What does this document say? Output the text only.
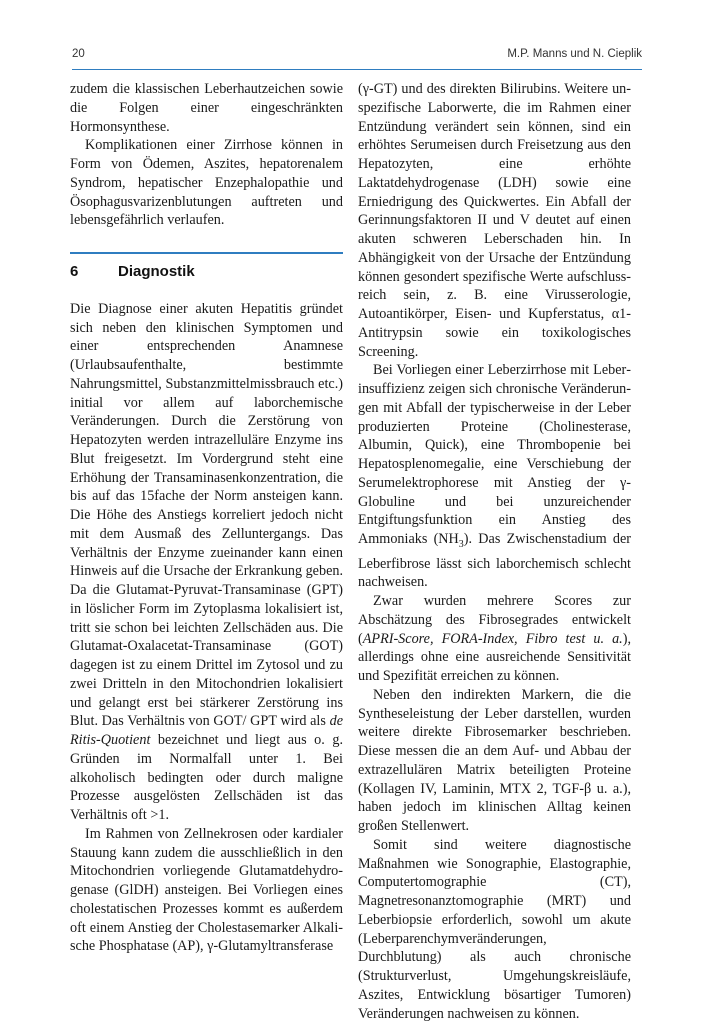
20	M.P. Manns und N. Cieplik

zudem die klassischen Leberhautzeichen sowie die Folgen einer eingeschränkten Hormonsynthese.

Komplikationen einer Zirrhose können in Form von Ödemen, Aszites, hepatorenalem Syndrom, hepatischer Enzephalopathie und Ösophagusvarizenblutungen auftreten und lebensgefährlich verlaufen.

6	Diagnostik

Die Diagnose einer akuten Hepatitis gründet sich neben den klinischen Symptomen und einer entsprechenden Anamnese (Urlaubsaufenthalte, bestimmte Nahrungsmittel, Substanzmittelmissbrauch etc.) initial vor allem auf laborchemische Veränderungen. Durch die Zerstörung von Hepatozyten werden intrazelluläre Enzyme ins Blut freigesetzt. Im Vordergrund steht eine Erhöhung der Transaminasenkonzentration, die bis auf das 15fache der Norm ansteigen kann. Die Höhe des Anstiegs korreliert jedoch nicht mit dem Ausmaß des Zelluntergangs. Das Verhältnis der Enzyme zueinander kann einen Hinweis auf die Ursache der Erkrankung geben. Da die Glutamat-Pyruvat-Transaminase (GPT) in löslicher Form im Zytoplasma lokalisiert ist, tritt sie schon bei leichten Zellschäden aus. Die Glutamat-Oxalacetat-Transaminase (GOT) dagegen ist zu einem Drittel im Zytosol und zu zwei Dritteln in den Mitochondrien lokalisiert und gelangt erst bei stärkerer Zerstörung ins Blut. Das Verhältnis von GOT/ GPT wird als de Ritis-Quotient bezeichnet und liegt aus o. g. Gründen im Normalfall unter 1. Bei alkoholisch bedingten oder durch maligne Prozesse ausgelösten Zellschäden ist das Verhältnis oft >1.

Im Rahmen von Zellnekrosen oder kardialer Stauung kann zudem die ausschließlich in den Mitochondrien vorliegende Glutamatdehydrogenase (GlDH) ansteigen. Bei Vorliegen eines cholestatischen Prozesses kommt es außerdem oft einem Anstieg der Cholestasemarker Alkalische Phosphatase (AP), γ-Glutamyltransferase

(γ-GT) und des direkten Bilirubins. Weitere unspezifische Laborwerte, die im Rahmen einer Entzündung verändert sein können, sind ein erhöhtes Serumeisen durch Freisetzung aus den Hepatozyten, eine erhöhte Laktatdehydrogenase (LDH) sowie eine Erniedrigung des Quickwertes. Ein Abfall der Gerinnungsfaktoren II und V deutet auf einen akuten schweren Leberschaden hin. In Abhängigkeit von der Ursache der Entzündung können gesondert spezifische Werte aufschlussreich sein, z. B. eine Virusserologie, Autoantikörper, Eisen- und Kupferstatus, α1-Antitrypsin sowie ein toxikologisches Screening.

Bei Vorliegen einer Leberzirrhose mit Leberinsuffizienz zeigen sich chronische Veränderungen mit Abfall der typischerweise in der Leber produzierten Proteine (Cholinesterase, Albumin, Quick), eine Thrombopenie bei Hepatosplenomegalie, eine Verschiebung der Serumelektrophorese mit Anstieg der γ-Globuline und bei unzureichender Entgiftungsfunktion ein Anstieg des Ammoniaks $(NH_3)$. Das Zwischenstadium der Leberfibrose lässt sich laborchemisch schlecht nachweisen.

Zwar wurden mehrere Scores zur Abschätzung des Fibrosegrades entwickelt (APRI-Score, FORA-Index, Fibro test u. a.), allerdings ohne eine ausreichende Sensitivität und Spezifität erreichen zu können.

Neben den indirekten Markern, die die Syntheseleistung der Leber darstellen, wurden weitere direkte Fibrosemarker beschrieben. Diese messen die an dem Auf- und Abbau der extrazellulären Matrix beteiligten Proteine (Kollagen IV, Laminin, MTX 2, TGF-β u. a.), haben jedoch im klinischen Alltag keinen großen Stellenwert.

Somit sind weitere diagnostische Maßnahmen wie Sonographie, Elastographie, Computertomographie (CT), Magnetresonanztomographie (MRT) und Leberbiopsie erforderlich, sowohl um akute (Leberparenchymveränderungen, Durchblutung) als auch chronische (Strukturverlust, Umgehungskreisläufe, Aszites, Entwicklung bösartiger Tumoren) Veränderungen nachweisen zu können.
